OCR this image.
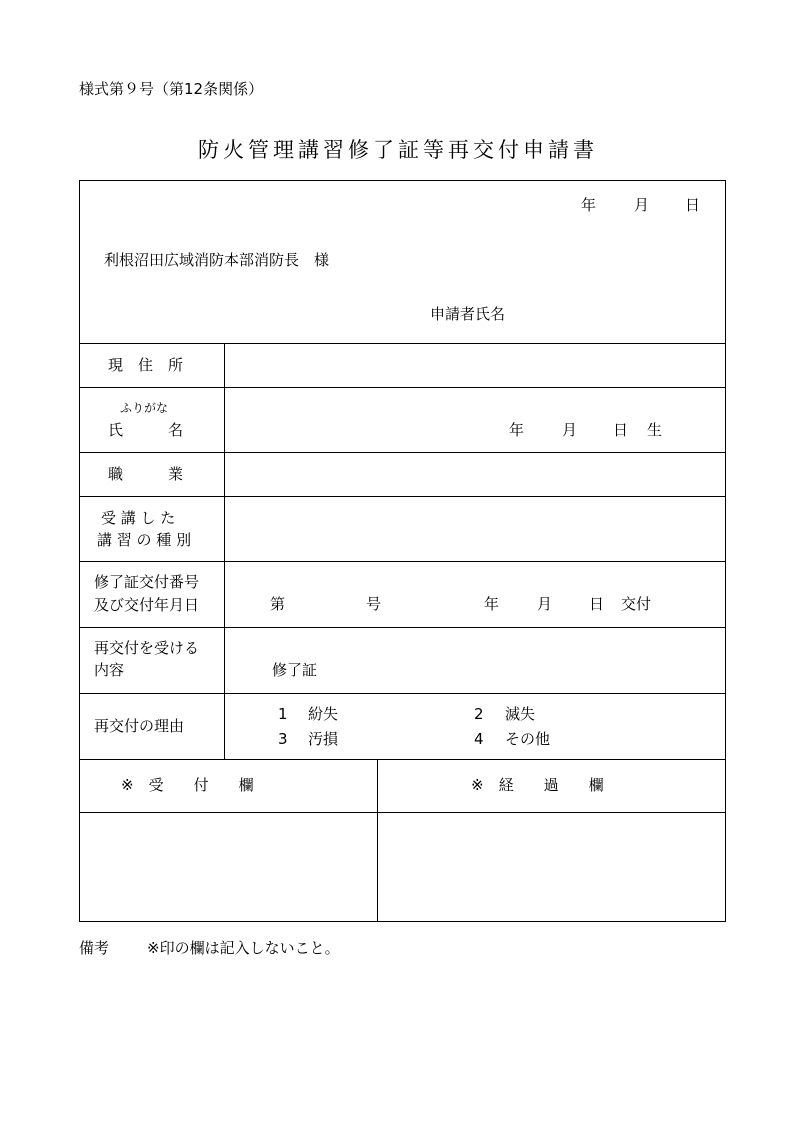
様式第９号（第12条関係）
防火管理講習修了証等再交付申請書
年	月 日
利根沼田広域消防本部消防長　様
申請者氏名
現　住　所
ふりがな
氏　　　名	年	月 日 生
職　　　業
受 講 し た
講 習 の 種 別
修了証交付番号
及び交付年月日	第	号	年	月 日 交付
再交付を受ける
内容	修了証
再交付の理由
1 紛失	2 滅失
3 汚損	4 その他
※　受　　付　　欄	※　経　　過　　欄
備考	※印の欄は記入しないこと。
